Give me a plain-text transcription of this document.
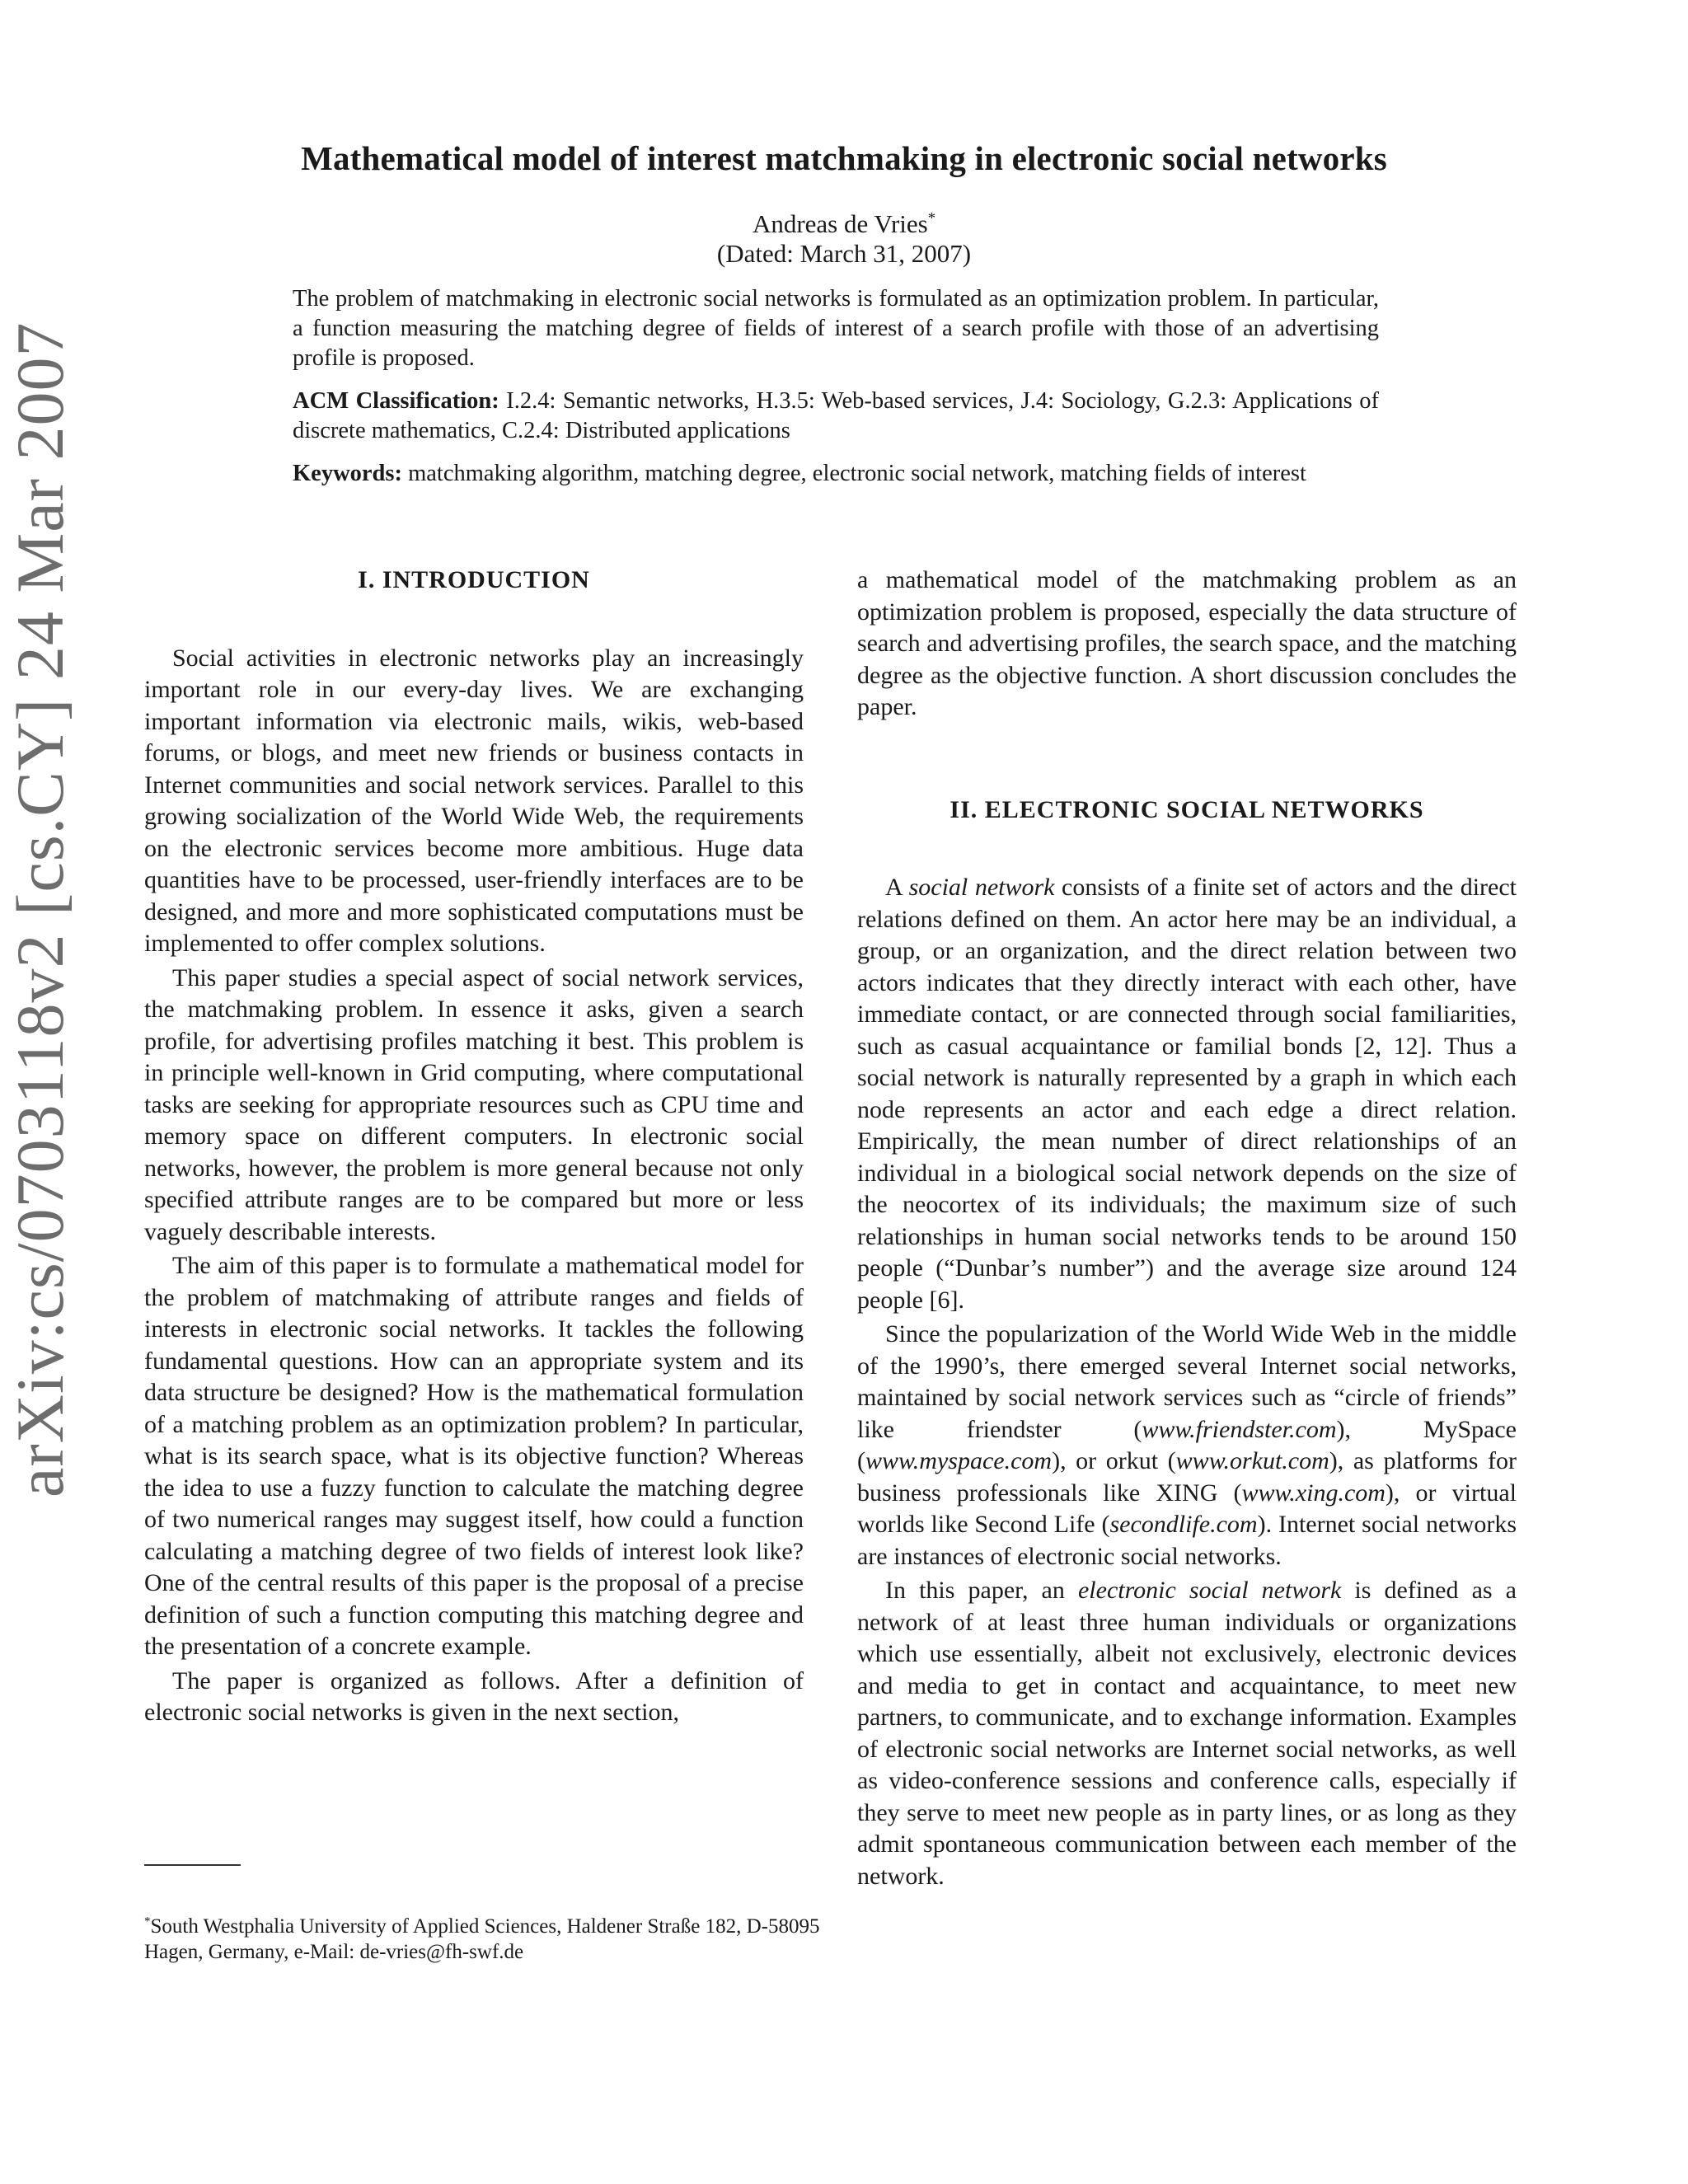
arXiv:cs/0703118v2 [cs.CY] 24 Mar 2007
Mathematical model of interest matchmaking in electronic social networks
Andreas de Vries*
(Dated: March 31, 2007)

The problem of matchmaking in electronic social networks is formulated as an optimization problem. In particular, a function measuring the matching degree of fields of interest of a search profile with those of an advertising profile is proposed.

ACM Classification: I.2.4: Semantic networks, H.3.5: Web-based services, J.4: Sociology, G.2.3: Applications of discrete mathematics, C.2.4: Distributed applications

Keywords: matchmaking algorithm, matching degree, electronic social network, matching fields of interest

I. INTRODUCTION

Social activities in electronic networks play an increasingly important role in our every-day lives. We are exchanging important information via electronic mails, wikis, web-based forums, or blogs, and meet new friends or business contacts in Internet communities and social network services. Parallel to this growing socialization of the World Wide Web, the requirements on the electronic services become more ambitious. Huge data quantities have to be processed, user-friendly interfaces are to be designed, and more and more sophisticated computations must be implemented to offer complex solutions.

This paper studies a special aspect of social network services, the matchmaking problem. In essence it asks, given a search profile, for advertising profiles matching it best. This problem is in principle well-known in Grid computing, where computational tasks are seeking for appropriate resources such as CPU time and memory space on different computers. In electronic social networks, however, the problem is more general because not only specified attribute ranges are to be compared but more or less vaguely describable interests.

The aim of this paper is to formulate a mathematical model for the problem of matchmaking of attribute ranges and fields of interests in electronic social networks. It tackles the following fundamental questions. How can an appropriate system and its data structure be designed? How is the mathematical formulation of a matching problem as an optimization problem? In particular, what is its search space, what is its objective function? Whereas the idea to use a fuzzy function to calculate the matching degree of two numerical ranges may suggest itself, how could a function calculating a matching degree of two fields of interest look like? One of the central results of this paper is the proposal of a precise definition of such a function computing this matching degree and the presentation of a concrete example.

The paper is organized as follows. After a definition of electronic social networks is given in the next section,

a mathematical model of the matchmaking problem as an optimization problem is proposed, especially the data structure of search and advertising profiles, the search space, and the matching degree as the objective function. A short discussion concludes the paper.

II. ELECTRONIC SOCIAL NETWORKS

A social network consists of a finite set of actors and the direct relations defined on them. An actor here may be an individual, a group, or an organization, and the direct relation between two actors indicates that they directly interact with each other, have immediate contact, or are connected through social familiarities, such as casual acquaintance or familial bonds [2, 12]. Thus a social network is naturally represented by a graph in which each node represents an actor and each edge a direct relation. Empirically, the mean number of direct relationships of an individual in a biological social network depends on the size of the neocortex of its individuals; the maximum size of such relationships in human social networks tends to be around 150 people (“Dunbar’s number”) and the average size around 124 people [6].

Since the popularization of the World Wide Web in the middle of the 1990’s, there emerged several Internet social networks, maintained by social network services such as “circle of friends” like friendster (www.friendster.com), MySpace (www.myspace.com), or orkut (www.orkut.com), as platforms for business professionals like XING (www.xing.com), or virtual worlds like Second Life (secondlife.com). Internet social networks are instances of electronic social networks.

In this paper, an electronic social network is defined as a network of at least three human individuals or organizations which use essentially, albeit not exclusively, electronic devices and media to get in contact and acquaintance, to meet new partners, to communicate, and to exchange information. Examples of electronic social networks are Internet social networks, as well as video-conference sessions and conference calls, especially if they serve to meet new people as in party lines, or as long as they admit spontaneous communication between each member of the network.

*South Westphalia University of Applied Sciences, Haldener Straße 182, D-58095 Hagen, Germany, e-Mail: de-vries@fh-swf.de
